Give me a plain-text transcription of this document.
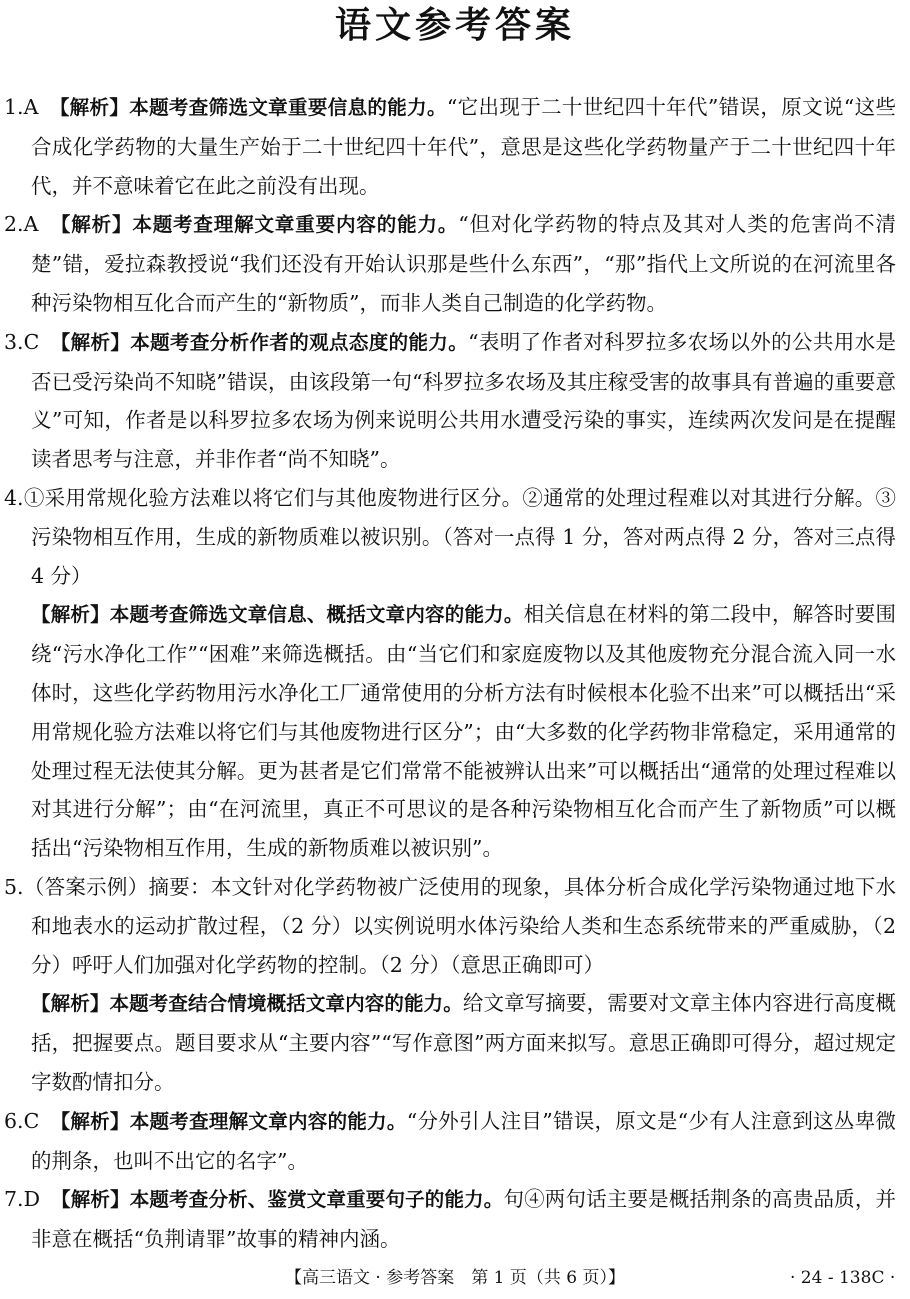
语文参考答案

1.A　 【解析】本题考查筛选文章重要信息的能力。“它出现于二十世纪四十年代”错误，原文说“这些合成化学药物的大量生产始于二十世纪四十年代”，意思是这些化学药物量产于二十世纪四十年代，并不意味着它在此之前没有出现。

2.A　 【解析】本题考查理解文章重要内容的能力。“但对化学药物的特点及其对人类的危害尚不清楚”错，爱拉森教授说“我们还没有开始认识那是些什么东西”，“那”指代上文所说的在河流里各种污染物相互化合而产生的“新物质”，而非人类自己制造的化学药物。

3.C　 【解析】本题考查分析作者的观点态度的能力。“表明了作者对科罗拉多农场以外的公共用水是否已受污染尚不知晓”错误，由该段第一句“科罗拉多农场及其庄稼受害的故事具有普遍的重要意义”可知，作者是以科罗拉多农场为例来说明公共用水遭受污染的事实，连续两次发问是在提醒读者思考与注意，并非作者“尚不知晓”。

4.①采用常规化验方法难以将它们与其他废物进行区分。②通常的处理过程难以对其进行分解。③污染物相互作用，生成的新物质难以被识别。（答对一点得 1 分，答对两点得 2 分，答对三点得 4 分）

【解析】本题考查筛选文章信息、概括文章内容的能力。相关信息在材料的第二段中，解答时要围绕“污水净化工作”“困难”来筛选概括。由“当它们和家庭废物以及其他废物充分混合流入同一水体时，这些化学药物用污水净化工厂通常使用的分析方法有时候根本化验不出来”可以概括出“采用常规化验方法难以将它们与其他废物进行区分”；由“大多数的化学药物非常稳定，采用通常的处理过程无法使其分解。更为甚者是它们常常不能被辨认出来”可以概括出“通常的处理过程难以对其进行分解”；由“在河流里，真正不可思议的是各种污染物相互化合而产生了新物质”可以概括出“污染物相互作用，生成的新物质难以被识别”。

5.（答案示例）摘要：本文针对化学药物被广泛使用的现象，具体分析合成化学污染物通过地下水和地表水的运动扩散过程，（2 分）以实例说明水体污染给人类和生态系统带来的严重威胁，（2 分）呼吁人们加强对化学药物的控制。（2 分）（意思正确即可）

【解析】本题考查结合情境概括文章内容的能力。给文章写摘要，需要对文章主体内容进行高度概括，把握要点。题目要求从“主要内容”“写作意图”两方面来拟写。意思正确即可得分，超过规定字数酌情扣分。

6.C　 【解析】本题考查理解文章内容的能力。“分外引人注目”错误，原文是“少有人注意到这丛卑微的荆条，也叫不出它的名字”。

7.D　 【解析】本题考查分析、鉴赏文章重要句子的能力。句④两句话主要是概括荆条的高贵品质，并非意在概括“负荆请罪”故事的精神内涵。

【高三语文 · 参考答案　第 1 页（共 6 页）】	· 24 - 138C ·
